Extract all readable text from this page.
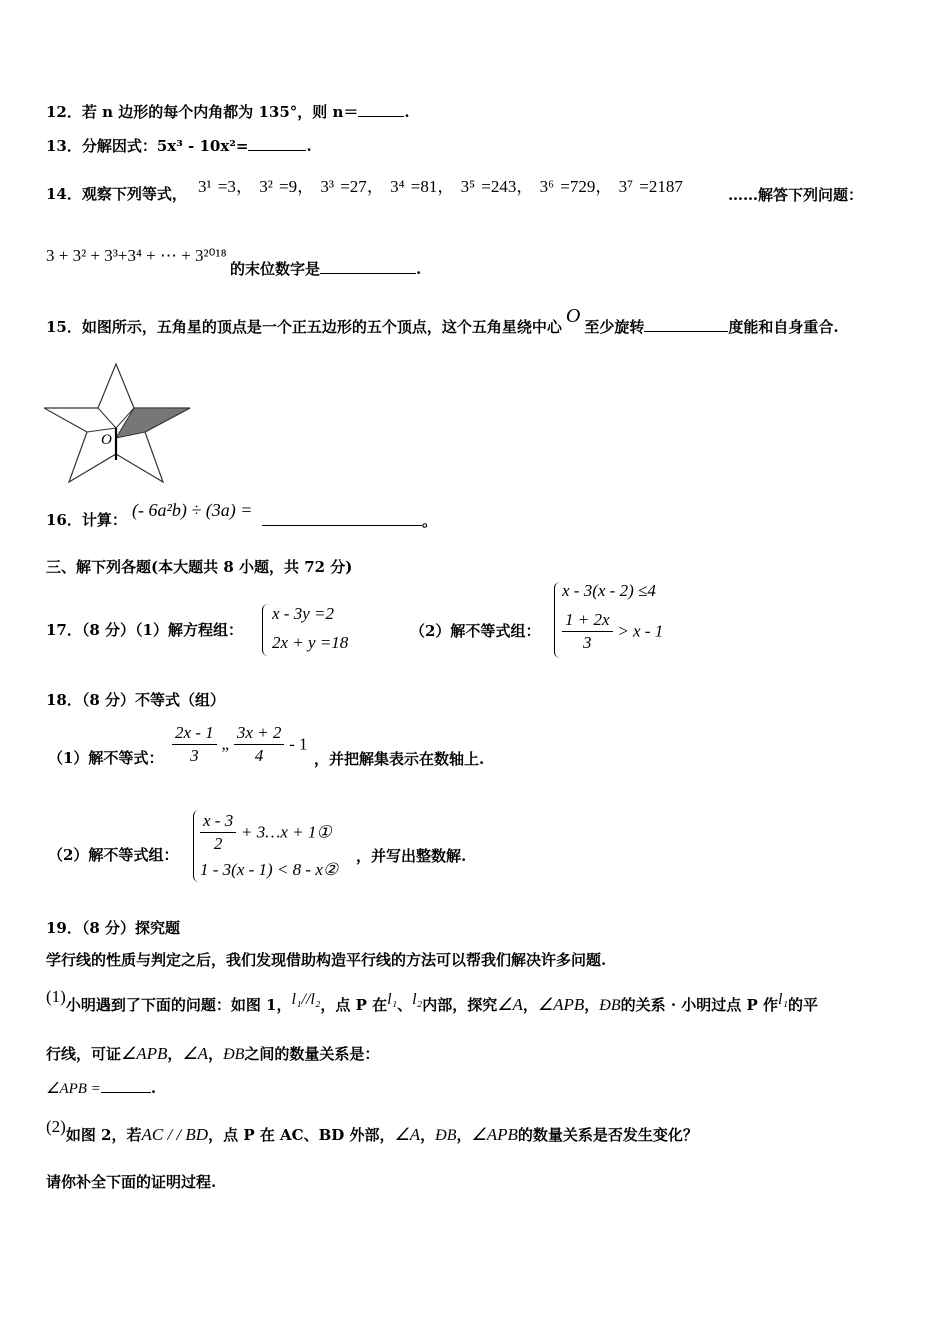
12．若 n 边形的每个内角都为 135°，则 n＝	.
13．分解因式：5x³ - 10x²=	.
14．观察下列等式， 3¹ =3， 3² =9， 3³ =27， 3⁴ =81， 3⁵ =243， 3⁶ =729， 3⁷ =2187	……解答下列问题：
3 + 3² + 3³+3⁴ + ⋯ + 3²⁰¹⁸
的末位数字是	.
15．如图所示，五角星的顶点是一个正五边形的五个顶点，这个五角星绕中心 O 至少旋转	度能和自身重合.
O
16．计算： (- 6a²b) ÷ (3a) =
。
三、解下列各题(本大题共 8 小题，共 72 分)
17．（8 分）（1）解方程组：
x - 3y =2
2x + y =18
（2）解不等式组：
x - 3(x - 2) ≤4
$\frac{1 + 2x}{3} > x - 1$
18．（8 分）不等式（组）
（1）解不等式： $\frac{2x - 1}{3}$ „ $\frac{3x + 2}{4} - 1$
，并把解集表示在数轴上.
（2）解不等式组： $\frac{x - 3}{2}$ + 3…x + 1①
1 - 3(x - 1) < 8 - x②
，并写出整数解.
19．（8 分）探究题
学行线的性质与判定之后，我们发现借助构造平行线的方法可以帮我们解决许多问题.
(1)小明遇到了下面的问题：如图 1，l₁//l₂，点 P 在l₁、l₂内部，探究∠A，∠APB，ÐB的关系 · 小明过点 P 作l₁的平
行线，可证∠APB，∠A，ÐB之间的数量关系是：
∠APB =	.
(2)如图 2，若AC / / BD，点 P 在 AC、BD 外部，∠A，ÐB，∠APB的数量关系是否发生变化？
请你补全下面的证明过程.
